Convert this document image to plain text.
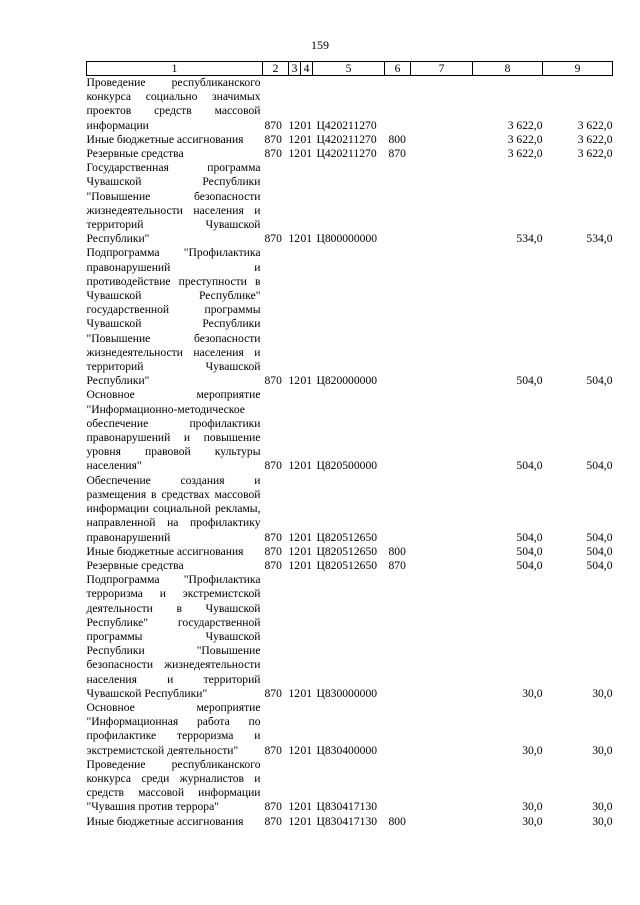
159
1	2	3	4	5	6	7	8	9
Проведение республиканского конкурса социально значимых проектов средств массовой информации	870	12	01	Ц420211270			3 622,0	3 622,0
Иные бюджетные ассигнования	870	12	01	Ц420211270	800		3 622,0	3 622,0
Резервные средства	870	12	01	Ц420211270	870		3 622,0	3 622,0
Государственная программа Чувашской Республики "Повышение безопасности жизнедеятельности населения и территорий Чувашской Республики"	870	12	01	Ц800000000			534,0	534,0
Подпрограмма "Профилактика правонарушений и противодействие преступности в Чувашской Республике" государственной программы Чувашской Республики "Повышение безопасности жизнедеятельности населения и территорий Чувашской Республики"	870	12	01	Ц820000000			504,0	504,0
Основное мероприятие "Информационно-методическое обеспечение профилактики правонарушений и повышение уровня правовой культуры населения"	870	12	01	Ц820500000			504,0	504,0
Обеспечение создания и размещения в средствах массовой информации социальной рекламы, направленной на профилактику правонарушений	870	12	01	Ц820512650			504,0	504,0
Иные бюджетные ассигнования	870	12	01	Ц820512650	800		504,0	504,0
Резервные средства	870	12	01	Ц820512650	870		504,0	504,0
Подпрограмма "Профилактика терроризма и экстремистской деятельности в Чувашской Республике" государственной программы Чувашской Республики "Повышение безопасности жизнедеятельности населения и территорий Чувашской Республики"	870	12	01	Ц830000000			30,0	30,0
Основное мероприятие "Информационная работа по профилактике терроризма и экстремистской деятельности"	870	12	01	Ц830400000			30,0	30,0
Проведение республиканского конкурса среди журналистов и средств массовой информации "Чувашия против террора"	870	12	01	Ц830417130			30,0	30,0
Иные бюджетные ассигнования	870	12	01	Ц830417130	800		30,0	30,0
